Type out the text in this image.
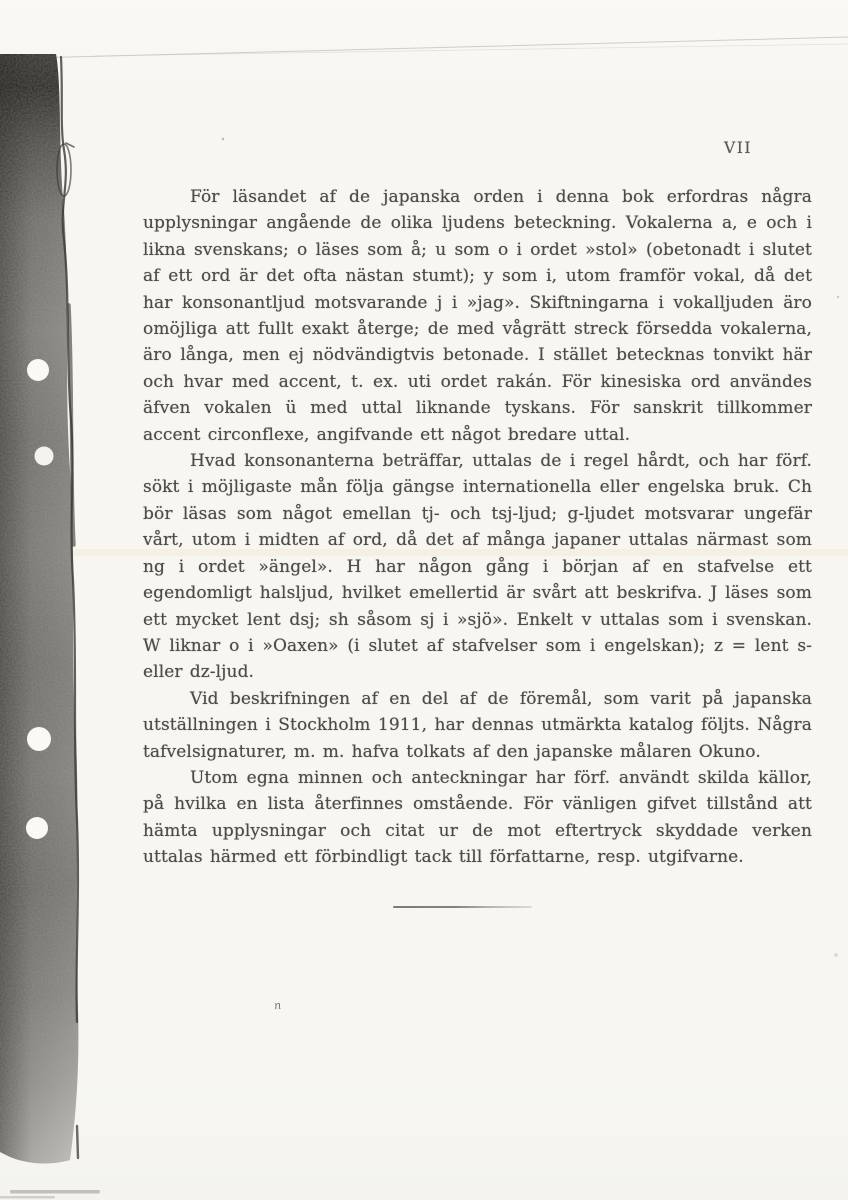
VII

För läsandet af de japanska orden i denna bok erfordras några upplysningar angående de olika ljudens beteckning. Vokalerna a, e och i likna svenskans; o läses som å; u som o i ordet »stol» (obetonadt i slutet af ett ord är det ofta nästan stumt); y som i, utom framför vokal, då det har konsonantljud motsvarande j i »jag». Skiftningarna i vokalljuden äro omöjliga att fullt exakt återge; de med vågrätt streck försedda vokalerna, äro långa, men ej nödvändigtvis betonade. I stället betecknas tonvikt här och hvar med accent, t. ex. uti ordet rakán. För kinesiska ord användes äfven vokalen ü med uttal liknande tyskans. För sanskrit tillkommer accent circonflexe, angifvande ett något bredare uttal.

Hvad konsonanterna beträffar, uttalas de i regel hårdt, och har förf. sökt i möjligaste mån följa gängse internationella eller engelska bruk. Ch bör läsas som något emellan tj- och tsj-ljud; g-ljudet motsvarar ungefär vårt, utom i midten af ord, då det af många japaner uttalas närmast som ng i ordet »ängel». H har någon gång i början af en stafvelse ett egendomligt halsljud, hvilket emellertid är svårt att beskrifva. J läses som ett mycket lent dsj; sh såsom sj i »sjö». Enkelt v uttalas som i svenskan. W liknar o i »Oaxen» (i slutet af stafvelser som i engelskan); z = lent s- eller dz-ljud.

Vid beskrifningen af en del af de föremål, som varit på japanska utställningen i Stockholm 1911, har dennas utmärkta katalog följts. Några tafvelsignaturer, m. m. hafva tolkats af den japanske målaren Okuno.

Utom egna minnen och anteckningar har förf. användt skilda källor, på hvilka en lista återfinnes omstående. För vänligen gifvet tillstånd att hämta upplysningar och citat ur de mot eftertryck skyddade verken uttalas härmed ett förbindligt tack till författarne, resp. utgifvarne.

n
